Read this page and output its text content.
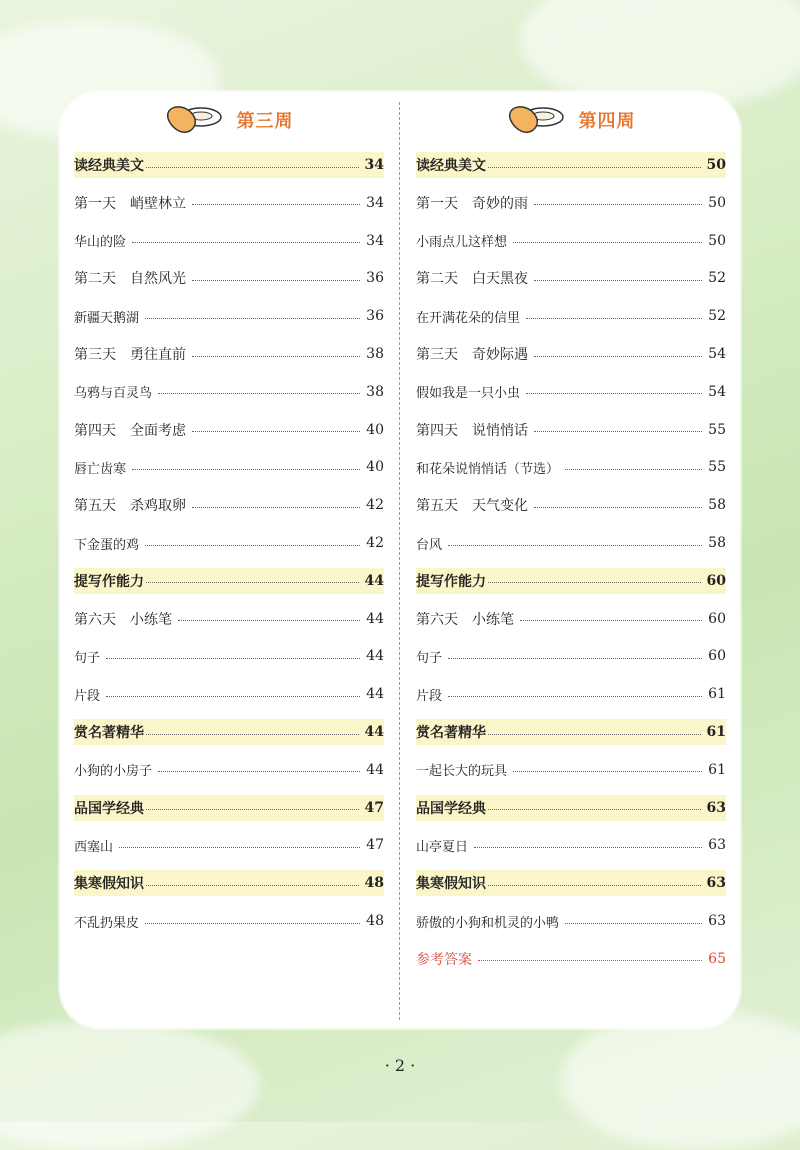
第三周
读经典美文	34
第一天　峭壁林立	34
华山的险	34
第二天　自然风光	36
新疆天鹅湖	36
第三天　勇往直前	38
乌鸦与百灵鸟	38
第四天　全面考虑	40
唇亡齿寒	40
第五天　杀鸡取卵	42
下金蛋的鸡	42
提写作能力	44
第六天　小练笔	44
句子	44
片段	44
赏名著精华	44
小狗的小房子	44
品国学经典	47
西塞山	47
集寒假知识	48
不乱扔果皮	48
第四周
读经典美文	50
第一天　奇妙的雨	50
小雨点儿这样想	50
第二天　白天黑夜	52
在开满花朵的信里	52
第三天　奇妙际遇	54
假如我是一只小虫	54
第四天　说悄悄话	55
和花朵说悄悄话（节选）	55
第五天　天气变化	58
台风	58
提写作能力	60
第六天　小练笔	60
句子	60
片段	61
赏名著精华	61
一起长大的玩具	61
品国学经典	63
山亭夏日	63
集寒假知识	63
骄傲的小狗和机灵的小鸭	63
参考答案	65
· 2 ·
